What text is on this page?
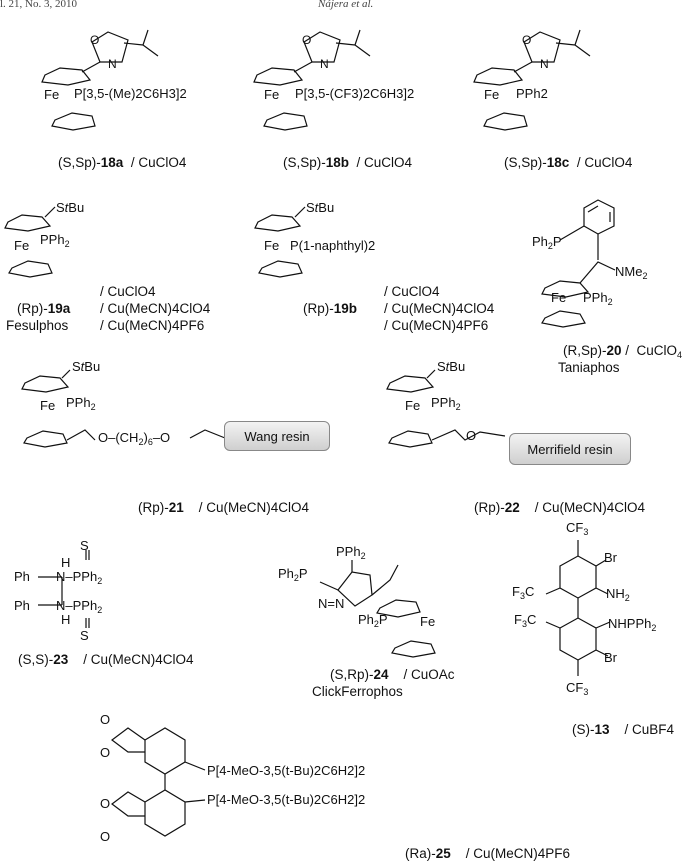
l. 21, No. 3, 2010	Nájera et al.
O
N
O
N
O
N
Fe P[3,5-(Me)2C6H3]2
(S,Sp)-18a / CuClO4
Fe P[3,5-(CF3)2C6H3]2
(S,Sp)-18b / CuClO4
Fe PPh2
(S,Sp)-18c / CuClO4
StBu
Fe PPh$_2$
/ CuClO4
(Rp)-19a / Cu(MeCN)4ClO4
Fesulphos / Cu(MeCN)4PF6
StBu
Fe P(1-naphthyl)2
/ CuClO4
(Rp)-19b / Cu(MeCN)4ClO4
/ Cu(MeCN)4PF6
$Ph_2P$
NMe$_2$
Fe PPh$_2$
(R,Sp)-20 /  CuClO$_4$
Taniaphos
StBu
Fe PPh$_2$
$O-(CH_2)_6-O$	Wang resin
(Rp)-21 / Cu(MeCN)4ClO4
StBu
Fe PPh$_2$
O
Merrifield resin
(Rp)-22 / Cu(MeCN)4ClO4
S
H
Ph N–PPh$_2$
Ph N–PPh$_2$
H
S
(S,S)-23 / Cu(MeCN)4ClO4
PPh$_2$
$Ph_2P$
N=N
$Ph_2P$ Fe
(S,Rp)-24 / CuOAc
ClickFerrophos
$CF_3$
Br
$F_3C$	$NH_2$
$F_3C$	NHPPh$_2$
Br
$CF_3$
(S)-13 / CuBF4
O
O
O
O
P[4-MeO-3,5(t-Bu)2C6H2]2
P[4-MeO-3,5(t-Bu)2C6H2]2
(Ra)-25 / Cu(MeCN)4PF6
